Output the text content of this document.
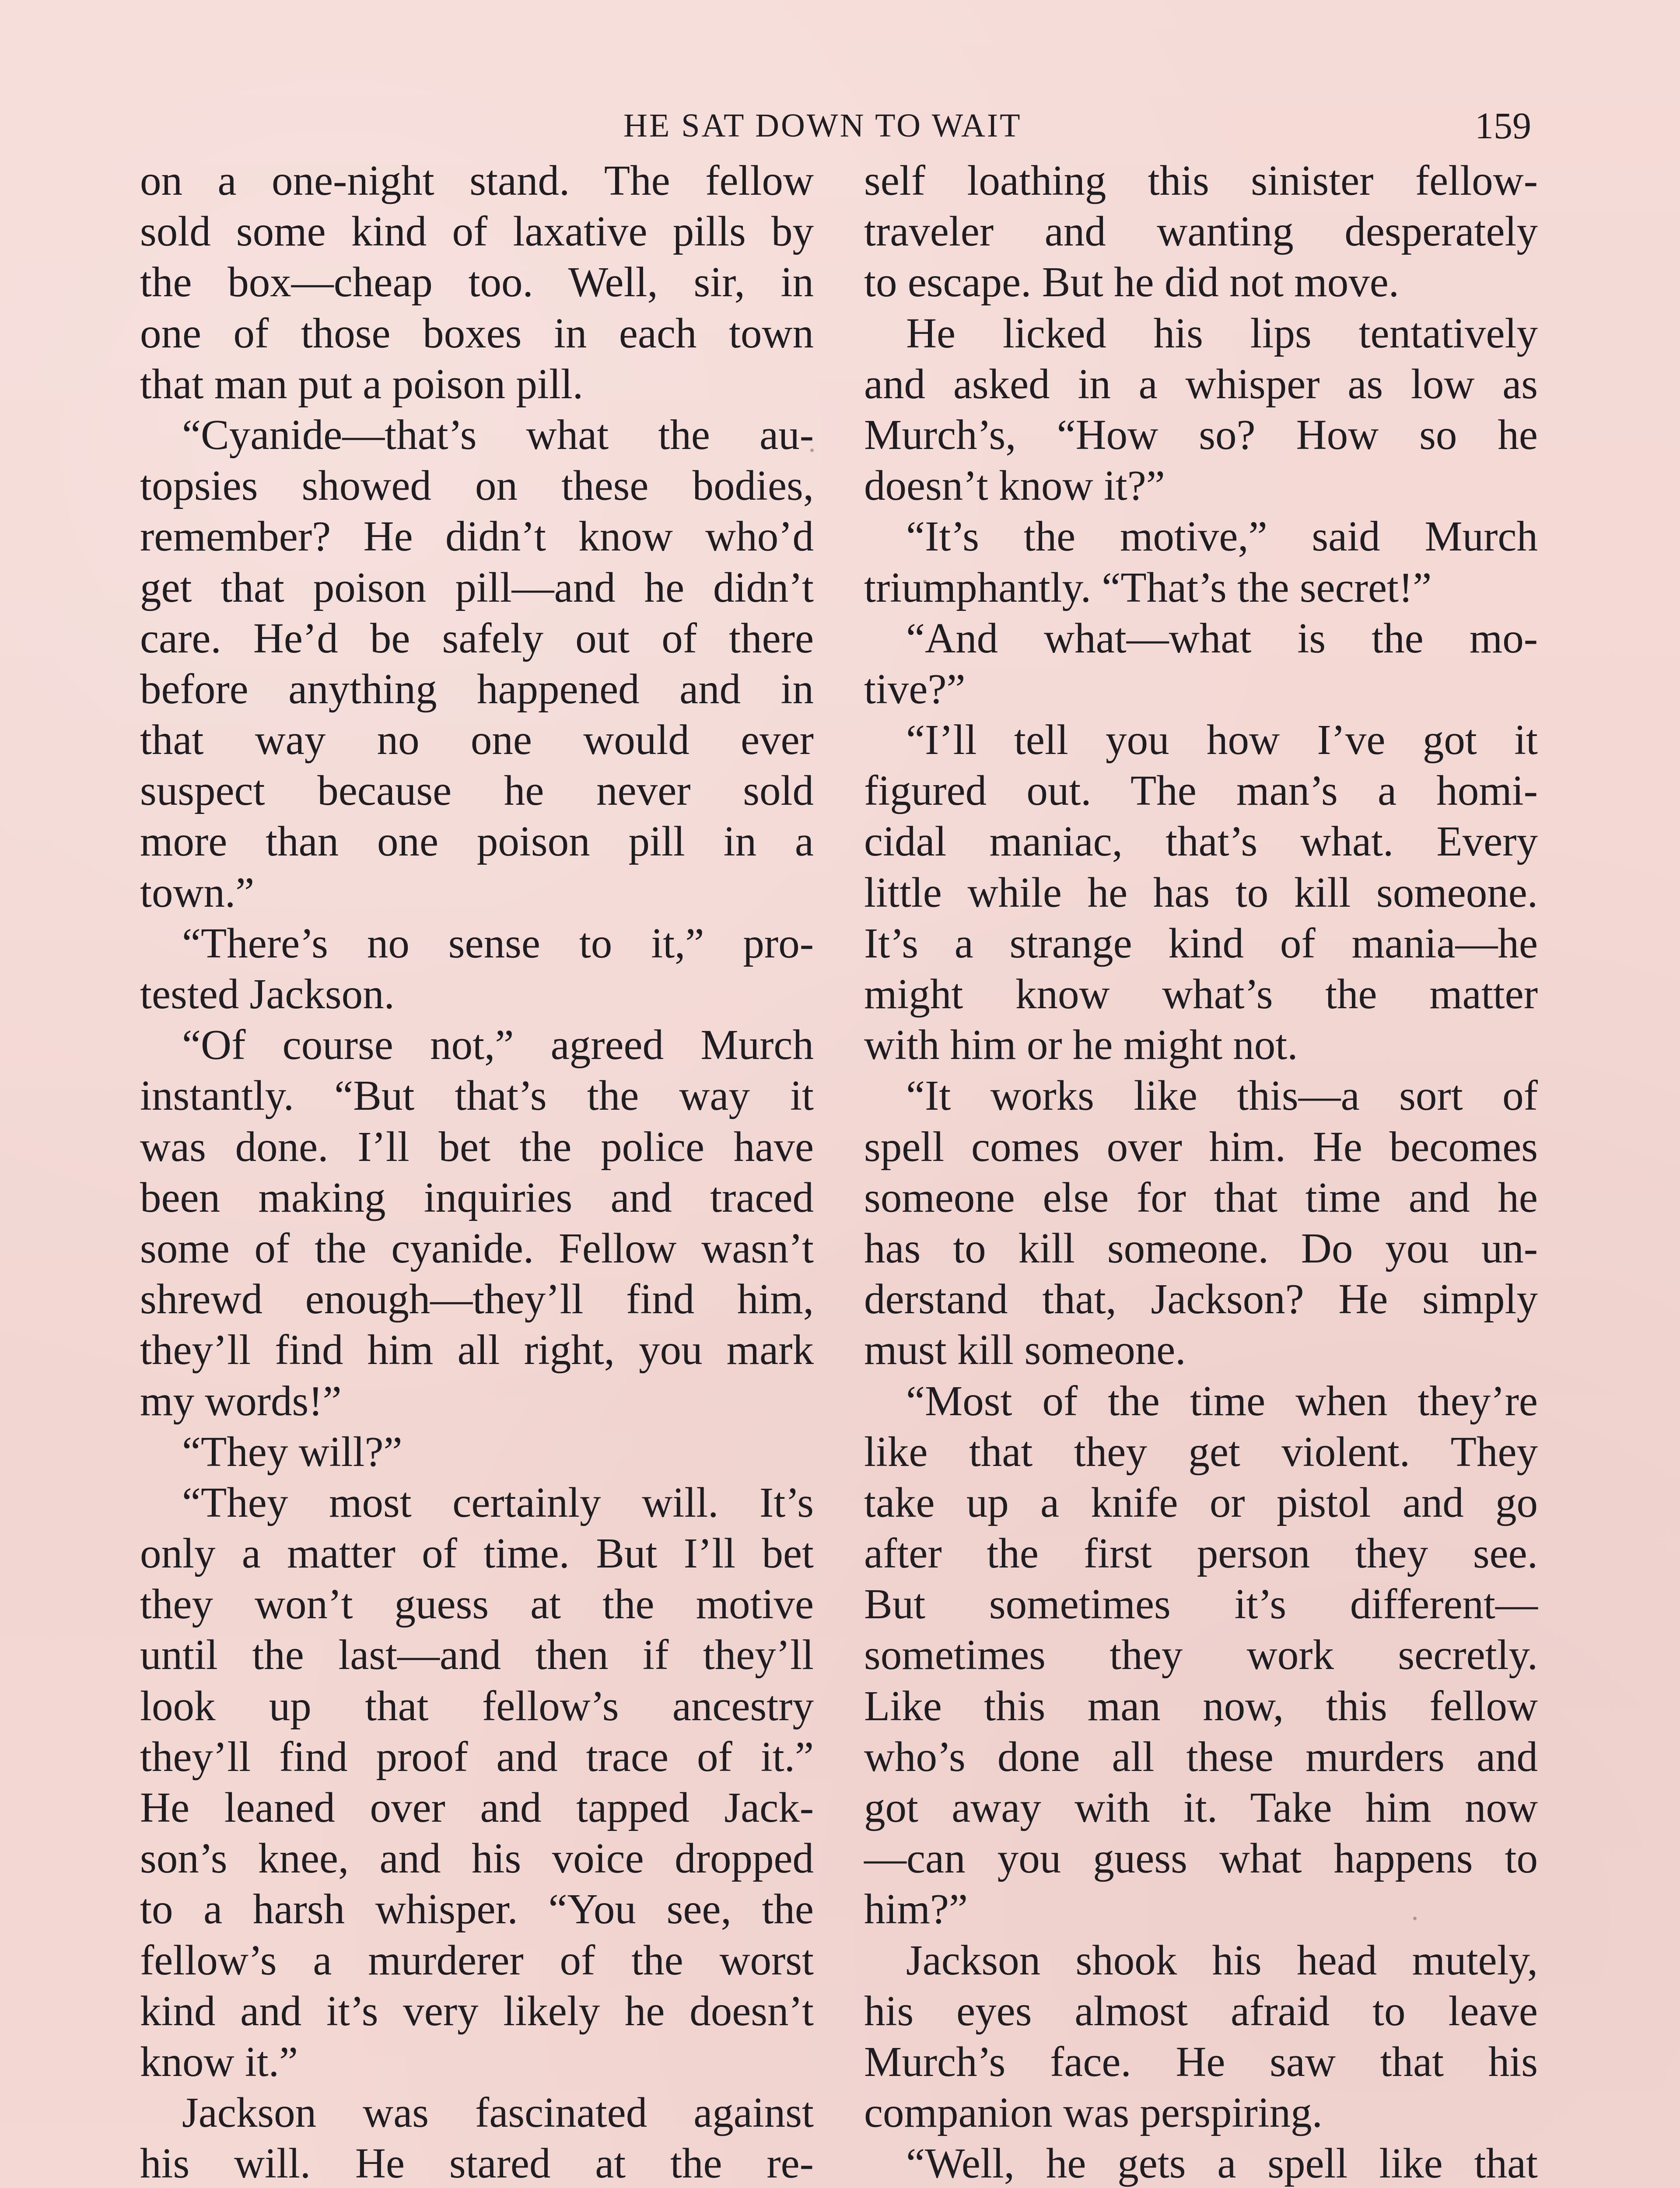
HE SAT DOWN TO WAIT	159
on a one-night stand. The fellow
sold some kind of laxative pills by
the box—cheap too. Well, sir, in
one of those boxes in each town
that man put a poison pill.
“Cyanide—that’s what the au-
topsies showed on these bodies,
remember? He didn’t know who’d
get that poison pill—and he didn’t
care. He’d be safely out of there
before anything happened and in
that way no one would ever
suspect because he never sold
more than one poison pill in a
town.”
“There’s no sense to it,” pro-
tested Jackson.
“Of course not,” agreed Murch
instantly. “But that’s the way it
was done. I’ll bet the police have
been making inquiries and traced
some of the cyanide. Fellow wasn’t
shrewd enough—they’ll find him,
they’ll find him all right, you mark
my words!”
“They will?”
“They most certainly will. It’s
only a matter of time. But I’ll bet
they won’t guess at the motive
until the last—and then if they’ll
look up that fellow’s ancestry
they’ll find proof and trace of it.”
He leaned over and tapped Jack-
son’s knee, and his voice dropped
to a harsh whisper. “You see, the
fellow’s a murderer of the worst
kind and it’s very likely he doesn’t
know it.”
Jackson was fascinated against
his will. He stared at the re-
self loathing this sinister fellow-
traveler and wanting desperately
to escape. But he did not move.
He licked his lips tentatively
and asked in a whisper as low as
Murch’s, “How so? How so he
doesn’t know it?”
“It’s the motive,” said Murch
triumphantly. “That’s the secret!”
“And what—what is the mo-
tive?”
“I’ll tell you how I’ve got it
figured out. The man’s a homi-
cidal maniac, that’s what. Every
little while he has to kill someone.
It’s a strange kind of mania—he
might know what’s the matter
with him or he might not.
“It works like this—a sort of
spell comes over him. He becomes
someone else for that time and he
has to kill someone. Do you un-
derstand that, Jackson? He simply
must kill someone.
“Most of the time when they’re
like that they get violent. They
take up a knife or pistol and go
after the first person they see.
But sometimes it’s different—
sometimes they work secretly.
Like this man now, this fellow
who’s done all these murders and
got away with it. Take him now
—can you guess what happens to
him?”
Jackson shook his head mutely,
his eyes almost afraid to leave
Murch’s face. He saw that his
companion was perspiring.
“Well, he gets a spell like that
